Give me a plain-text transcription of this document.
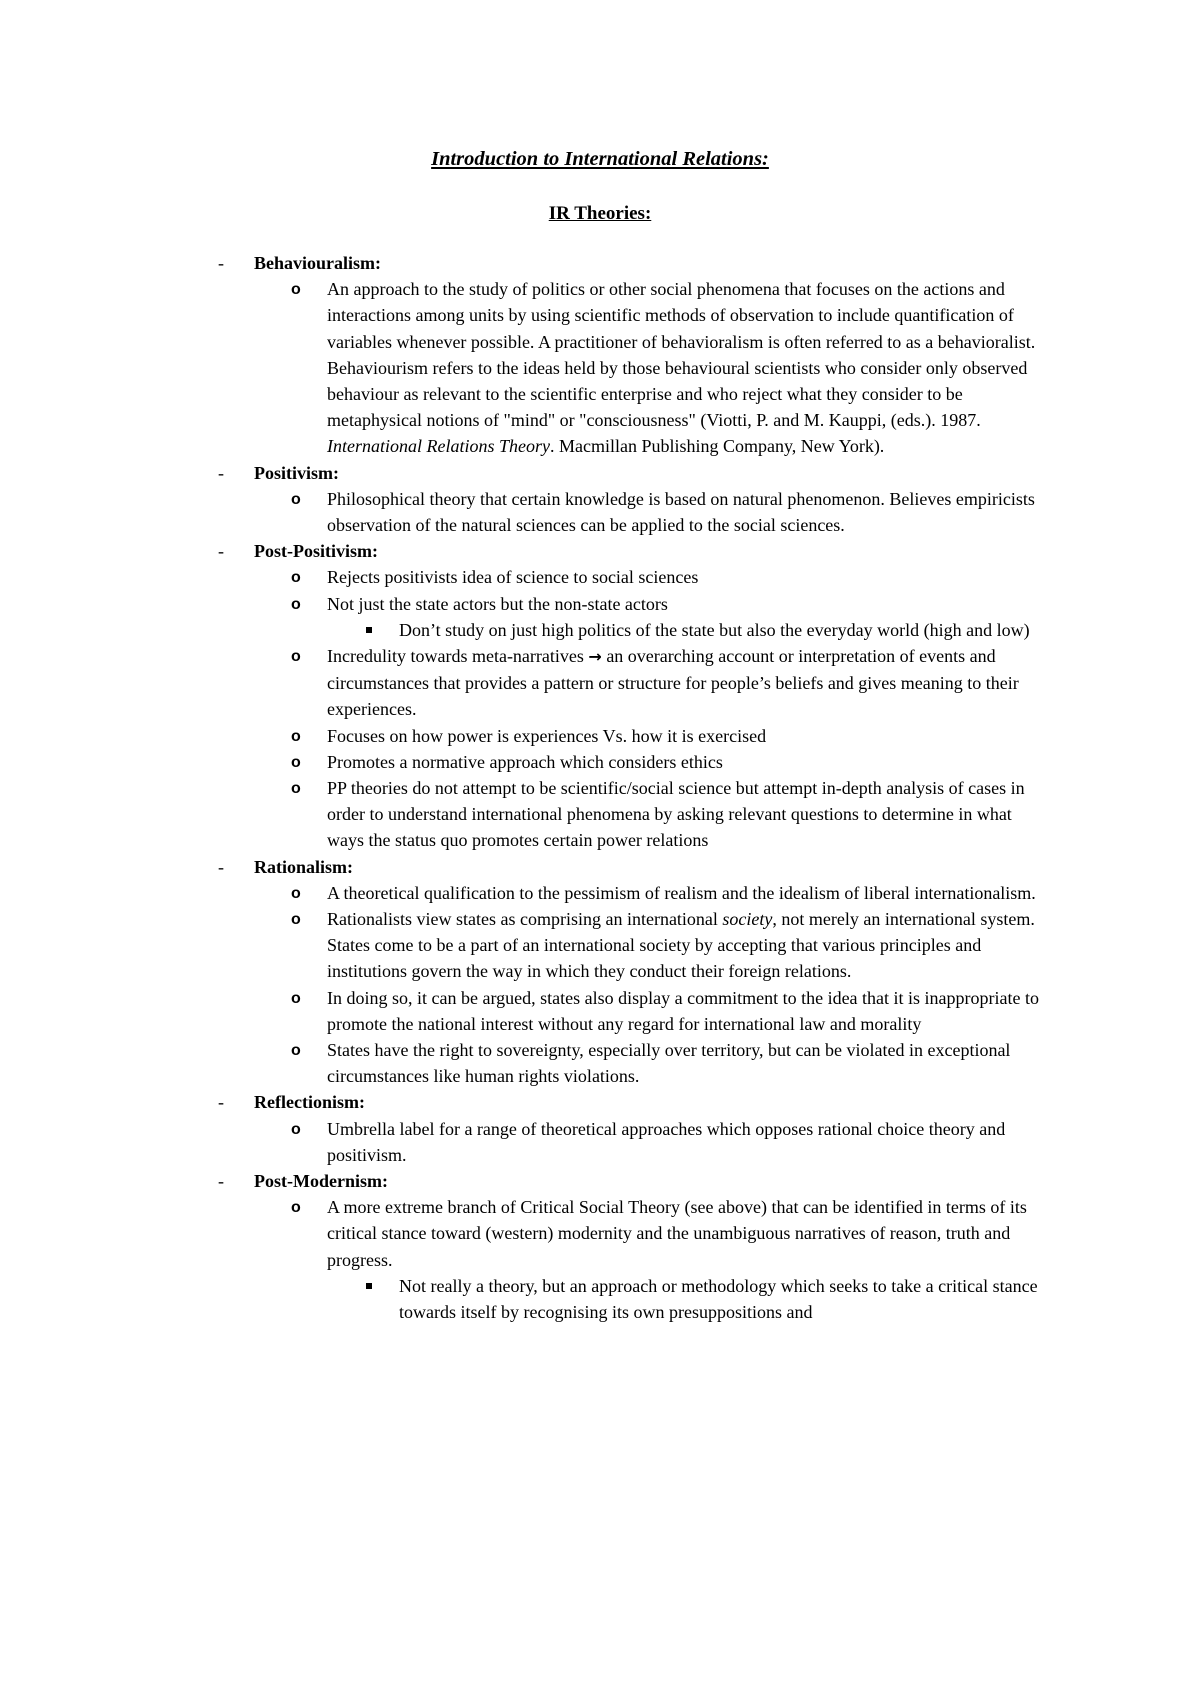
Introduction to International Relations:
IR Theories:
- Behaviouralism:
o An approach to the study of politics or other social phenomena that focuses on the actions and interactions among units by using scientific methods of observation to include quantification of variables whenever possible. A practitioner of behavioralism is often referred to as a behavioralist. Behaviourism refers to the ideas held by those behavioural scientists who consider only observed behaviour as relevant to the scientific enterprise and who reject what they consider to be metaphysical notions of "mind" or "consciousness" (Viotti, P. and M. Kauppi, (eds.). 1987. International Relations Theory. Macmillan Publishing Company, New York).
- Positivism:
o Philosophical theory that certain knowledge is based on natural phenomenon. Believes empiricists observation of the natural sciences can be applied to the social sciences.
- Post-Positivism:
o Rejects positivists idea of science to social sciences
o Not just the state actors but the non-state actors
Don’t study on just high politics of the state but also the everyday world (high and low)
o Incredulity towards meta-narratives → an overarching account or interpretation of events and circumstances that provides a pattern or structure for people’s beliefs and gives meaning to their experiences.
o Focuses on how power is experiences Vs. how it is exercised
o Promotes a normative approach which considers ethics
o PP theories do not attempt to be scientific/social science but attempt in-depth analysis of cases in order to understand international phenomena by asking relevant questions to determine in what ways the status quo promotes certain power relations
- Rationalism:
o A theoretical qualification to the pessimism of realism and the idealism of liberal internationalism.
o Rationalists view states as comprising an international society, not merely an international system. States come to be a part of an international society by accepting that various principles and institutions govern the way in which they conduct their foreign relations.
o In doing so, it can be argued, states also display a commitment to the idea that it is inappropriate to promote the national interest without any regard for international law and morality
o States have the right to sovereignty, especially over territory, but can be violated in exceptional circumstances like human rights violations.
- Reflectionism:
o Umbrella label for a range of theoretical approaches which opposes rational choice theory and positivism.
- Post-Modernism:
o A more extreme branch of Critical Social Theory (see above) that can be identified in terms of its critical stance toward (western) modernity and the unambiguous narratives of reason, truth and progress.
Not really a theory, but an approach or methodology which seeks to take a critical stance towards itself by recognising its own presuppositions and
